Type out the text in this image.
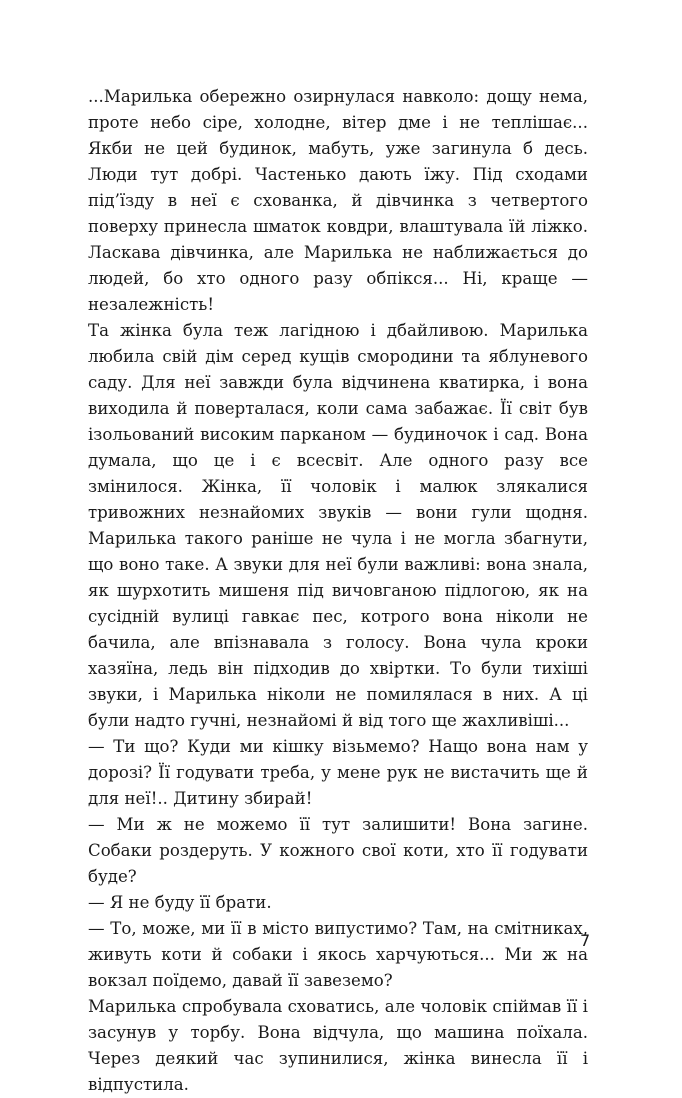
...Марилька обережно озирнулася навколо: дощу нема, проте небо сіре, холодне, вітер дме і не теплішає... Якби не цей будинок, мабуть, уже загинула б десь. Люди тут добрі. Частенько дають їжу. Під сходами під’їзду в неї є схованка, й дівчинка з четвертого поверху принесла шматок ковдри, влаштувала їй ліжко. Ласкава дівчинка, але Марилька не наближається до людей, бо хто одного разу обпікся... Ні, краще — незалежність!

Та жінка була теж лагідною і дбайливою. Марилька любила свій дім серед кущів смородини та яблуневого саду. Для неї завжди була відчинена кватирка, і вона виходила й поверталася, коли сама забажає. Її світ був ізольований високим парканом — будиночок і сад. Вона думала, що це і є всесвіт. Але одного разу все змінилося. Жінка, її чоловік і малюк злякалися тривожних незнайомих звуків — вони гули щодня. Марилька такого раніше не чула і не могла збагнути, що воно таке. А звуки для неї були важливі: вона знала, як шурхотить мишеня під вичовганою підлогою, як на сусідній вулиці гавкає пес, котрого вона ніколи не бачила, але впізнавала з голосу. Вона чула кроки хазяїна, ледь він підходив до хвіртки. То були тихіші звуки, і Марилька ніколи не помилялася в них. А ці були надто гучні, незнайомі й від того ще жахливіші...

— Ти що? Куди ми кішку візьмемо? Нащо вона нам у дорозі? Її годувати треба, у мене рук не вистачить ще й для неї!.. Дитину збирай!

— Ми ж не можемо її тут залишити! Вона загине. Собаки роздеруть. У кожного свої коти, хто її годувати буде?

— Я не буду її брати.

— То, може, ми її в місто випустимо? Там, на смітниках, живуть коти й собаки і якось харчуються... Ми ж на вокзал поїдемо, давай її завеземо?

Марилька спробувала сховатись, але чоловік спіймав її і засунув у торбу. Вона відчула, що машина поїхала. Через деякий час зупинилися, жінка винесла її і відпустила.

7
